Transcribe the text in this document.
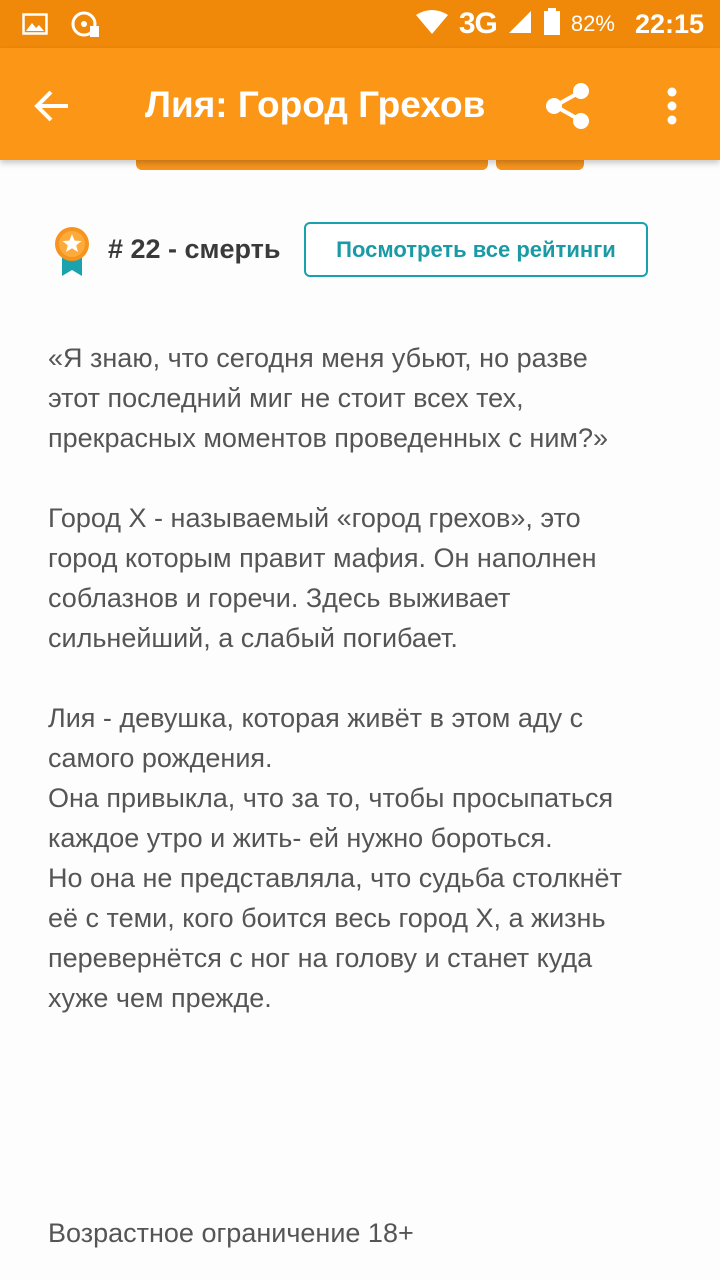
3G	82% 22:15
Лия: Город Грехов
# 22 - смерть	Посмотреть все рейтинги

«Я знаю, что сегодня меня убьют, но разве

этот последний миг не стоит всех тех,

прекрасных моментов проведенных с ним?»

Город Х - называемый «город грехов», это

город которым правит мафия. Он наполнен

соблазнов и горечи. Здесь выживает

сильнейший, а слабый погибает.

Лия - девушка, которая живёт в этом аду с

самого рождения.

Она привыкла, что за то, чтобы просыпаться

каждое утро и жить- ей нужно бороться.

Но она не представляла, что судьба столкнёт

её с теми, кого боится весь город Х, а жизнь

перевернётся с ног на голову и станет куда

хуже чем прежде.

Возрастное ограничение 18+
